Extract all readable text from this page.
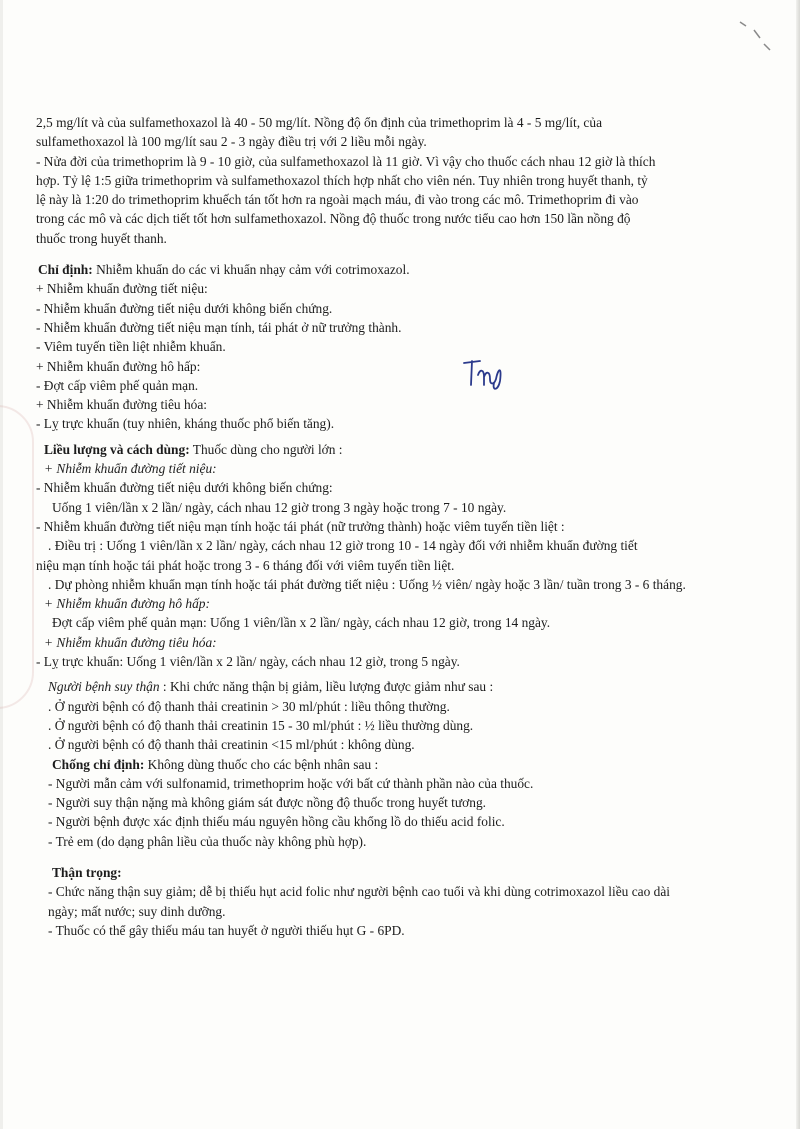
2,5 mg/lít và của sulfamethoxazol là 40 - 50 mg/lít. Nồng độ ổn định của trimethoprim là 4 - 5 mg/lít, của

sulfamethoxazol là 100 mg/lít sau 2 - 3 ngày điều trị với 2 liều mỗi ngày.

- Nửa đời của trimethoprim là 9 - 10 giờ, của sulfamethoxazol là 11 giờ. Vì vậy cho thuốc cách nhau 12 giờ là thích

hợp. Tỷ lệ 1:5 giữa trimethoprim và sulfamethoxazol thích hợp nhất cho viên nén. Tuy nhiên trong huyết thanh, tỷ

lệ này là 1:20 do trimethoprim khuếch tán tốt hơn ra ngoài mạch máu, đi vào trong các mô. Trimethoprim đi vào

trong các mô và các dịch tiết tốt hơn sulfamethoxazol. Nồng độ thuốc trong nước tiểu cao hơn 150 lần nồng độ

thuốc trong huyết thanh.

Chỉ định: Nhiễm khuẩn do các vi khuẩn nhạy cảm với cotrimoxazol.

+ Nhiễm khuẩn đường tiết niệu:

- Nhiễm khuẩn đường tiết niệu dưới không biến chứng.

- Nhiễm khuẩn đường tiết niệu mạn tính, tái phát ở nữ trưởng thành.

- Viêm tuyến tiền liệt nhiễm khuẩn.

+ Nhiễm khuẩn đường hô hấp:

- Đợt cấp viêm phế quản mạn.

+ Nhiễm khuẩn đường tiêu hóa:

- Lỵ trực khuẩn (tuy nhiên, kháng thuốc phổ biến tăng).

Liều lượng và cách dùng: Thuốc dùng cho người lớn :

+ Nhiễm khuẩn đường tiết niệu:

- Nhiễm khuẩn đường tiết niệu dưới không biến chứng:

Uống 1 viên/lần x 2 lần/ ngày, cách nhau 12 giờ trong 3 ngày hoặc trong 7 - 10 ngày.

- Nhiễm khuẩn đường tiết niệu mạn tính hoặc tái phát (nữ trưởng thành) hoặc viêm tuyến tiền liệt :

. Điều trị : Uống 1 viên/lần x 2 lần/ ngày, cách nhau 12 giờ trong 10 - 14 ngày đối với nhiễm khuẩn đường tiết

niệu mạn tính hoặc tái phát hoặc trong 3 - 6 tháng đối với viêm tuyến tiền liệt.

. Dự phòng nhiễm khuẩn mạn tính hoặc tái phát đường tiết niệu : Uống ½ viên/ ngày hoặc 3 lần/ tuần trong 3 - 6 tháng.

+ Nhiễm khuẩn đường hô hấp:

Đợt cấp viêm phế quản mạn: Uống 1 viên/lần x 2 lần/ ngày, cách nhau 12 giờ, trong 14 ngày.

+ Nhiễm khuẩn đường tiêu hóa:

- Lỵ trực khuẩn: Uống 1 viên/lần x 2 lần/ ngày, cách nhau 12 giờ, trong 5 ngày.

Người bệnh suy thận : Khi chức năng thận bị giảm, liều lượng được giảm như sau :

. Ở người bệnh có độ thanh thải creatinin > 30 ml/phút : liều thông thường.

. Ở người bệnh có độ thanh thải creatinin 15 - 30 ml/phút : ½ liều thường dùng.

. Ở người bệnh có độ thanh thải creatinin <15 ml/phút : không dùng.

Chống chỉ định: Không dùng thuốc cho các bệnh nhân sau :

- Người mẫn cảm với sulfonamid, trimethoprim hoặc với bất cứ thành phần nào của thuốc.

- Người suy thận nặng mà không giám sát được nồng độ thuốc trong huyết tương.

- Người bệnh được xác định thiếu máu nguyên hồng cầu khổng lồ do thiếu acid folic.

- Trẻ em (do dạng phân liều của thuốc này không phù hợp).

Thận trọng:

- Chức năng thận suy giảm; dễ bị thiếu hụt acid folic như người bệnh cao tuổi và khi dùng cotrimoxazol liều cao dài

ngày; mất nước; suy dinh dưỡng.

- Thuốc có thể gây thiếu máu tan huyết ở người thiếu hụt G - 6PD.
